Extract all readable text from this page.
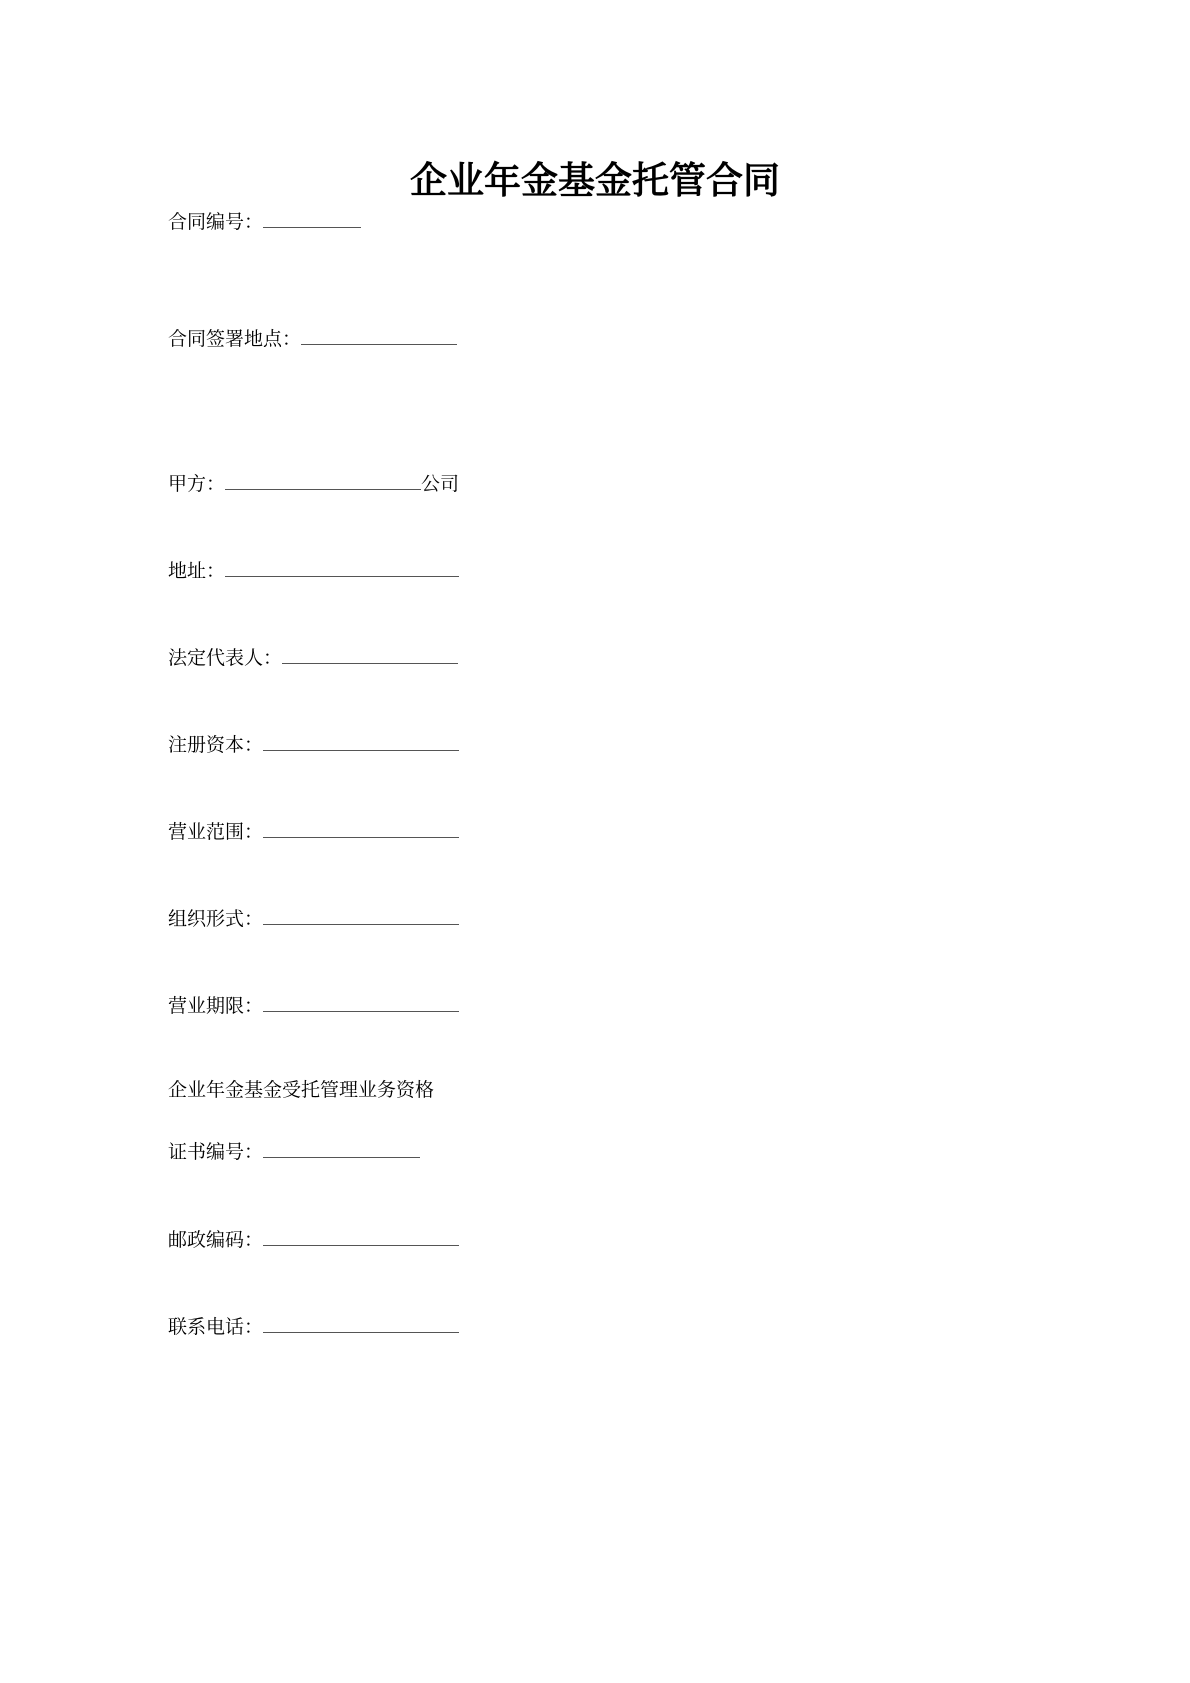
企业年金基金托管合同
合同编号：
合同签署地点：
甲方：	公司
地址：
法定代表人：
注册资本：
营业范围：
组织形式：
营业期限：
企业年金基金受托管理业务资格
证书编号：
邮政编码：
联系电话：
